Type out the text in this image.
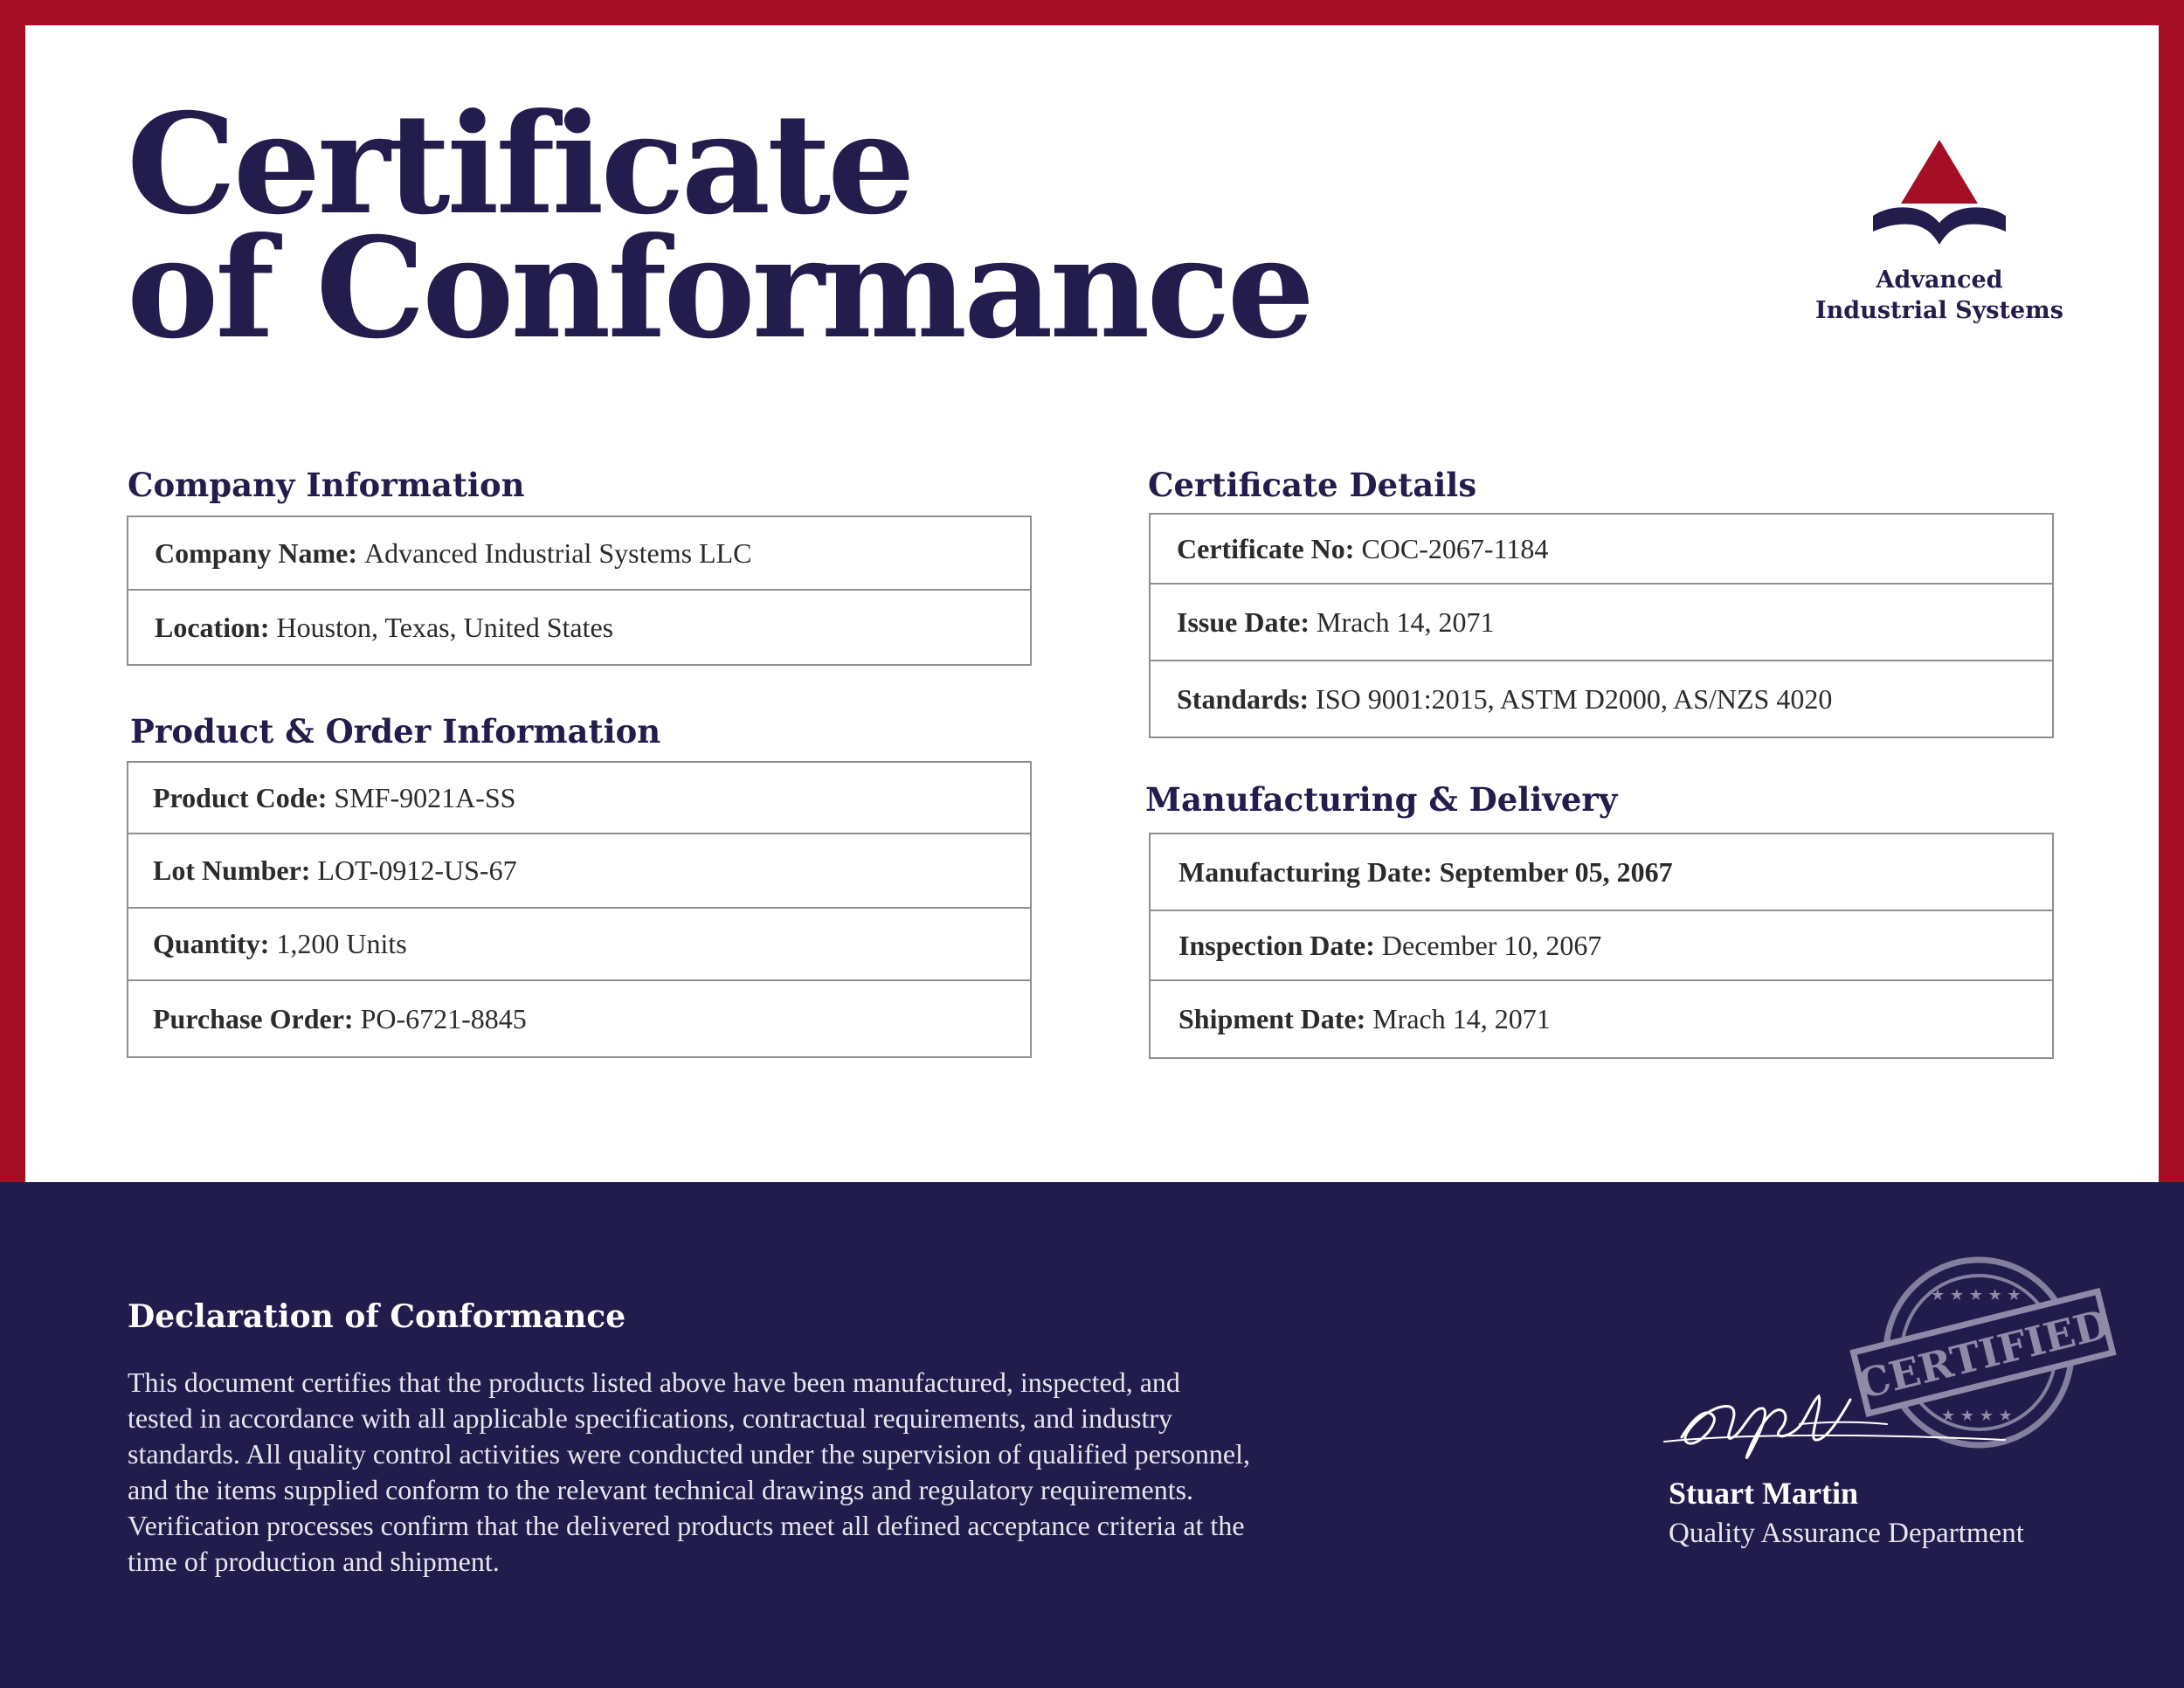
Certificate
of Conformance	Advanced
Industrial Systems
Company Information
Company Name: Advanced Industrial Systems LLC
Location: Houston, Texas, United States
Product & Order Information
Product Code: SMF-9021A-SS
Lot Number: LOT-0912-US-67
Quantity: 1,200 Units
Purchase Order: PO-6721-8845
Certificate Details
Certificate No: COC-2067-1184
Issue Date: Mrach 14, 2071
Standards: ISO 9001:2015, ASTM D2000, AS/NZS 4020
Manufacturing & Delivery
Manufacturing Date: September 05, 2067
Inspection Date: December 10, 2067
Shipment Date: Mrach 14, 2071
Declaration of Conformance

This document certifies that the products listed above have been manufactured, inspected, and
tested in accordance with all applicable specifications, contractual requirements, and industry
standards. All quality control activities were conducted under the supervision of qualified personnel,
and the items supplied conform to the relevant technical drawings and regulatory requirements.
Verification processes confirm that the delivered products meet all defined acceptance criteria at the
time of production and shipment.

★ ★ ★ ★ ★
★ ★ ★ ★
CERTIFIED
Stuart Martin
Quality Assurance Department
